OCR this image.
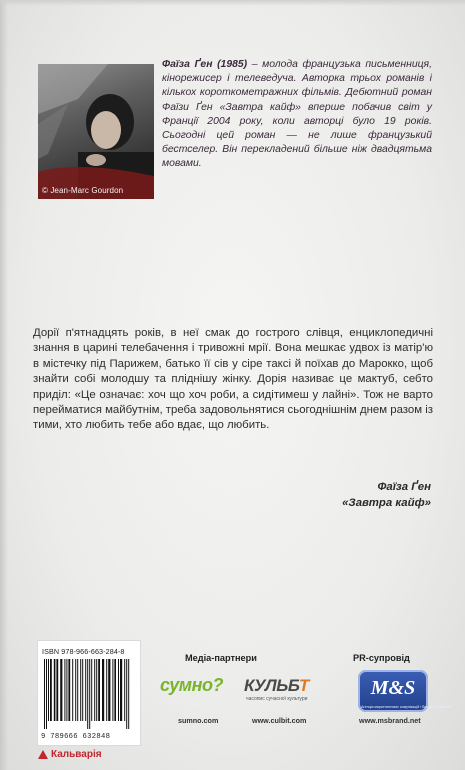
© Jean-Marc Gourdon

Фаїза Ґен (1985) – молода французька письменниця, кінорежисер і телеведуча. Авторка трьох романів і кількох короткометражних фільмів. Дебютний роман Фаїзи Ґен «Завтра кайф» вперше побачив світ у Франції 2004 року, коли авторці було 19 років. Сьогодні цей роман — не лише французький бестселер. Він перекладений більше ніж двадцятьма мовами.

Дорії п'ятнадцять років, в неї смак до гострого слівця, енциклопедичні знання в царині телебачення і тривожні мрії. Вона мешкає удвох із матір'ю в містечку під Парижем, батько її сів у сіре таксі й поїхав до Марокко, щоб знайти собі молодшу та пліднішу жінку. Дорія називає це мактуб, себто приділ: «Це означає: хоч що хоч роби, а сидітимеш у лайні». Тож не варто перейматися майбутнім, треба задовольнятися сьогоднішнім днем разом із тими, хто любить тебе або вдає, що любить.

Фаїза Ґен
«Завтра кайф»
ISBN 978-966-663-284-8
9 789666 632848
Кальварія
Медіа-партнери
сумно?
sumno.com
КУЛЬБТ
часопис сучасної культури
www.culbit.com
PR-супровід
M&S
Агенція маркетингових комунікацій і бренд-технологій
www.msbrand.net
